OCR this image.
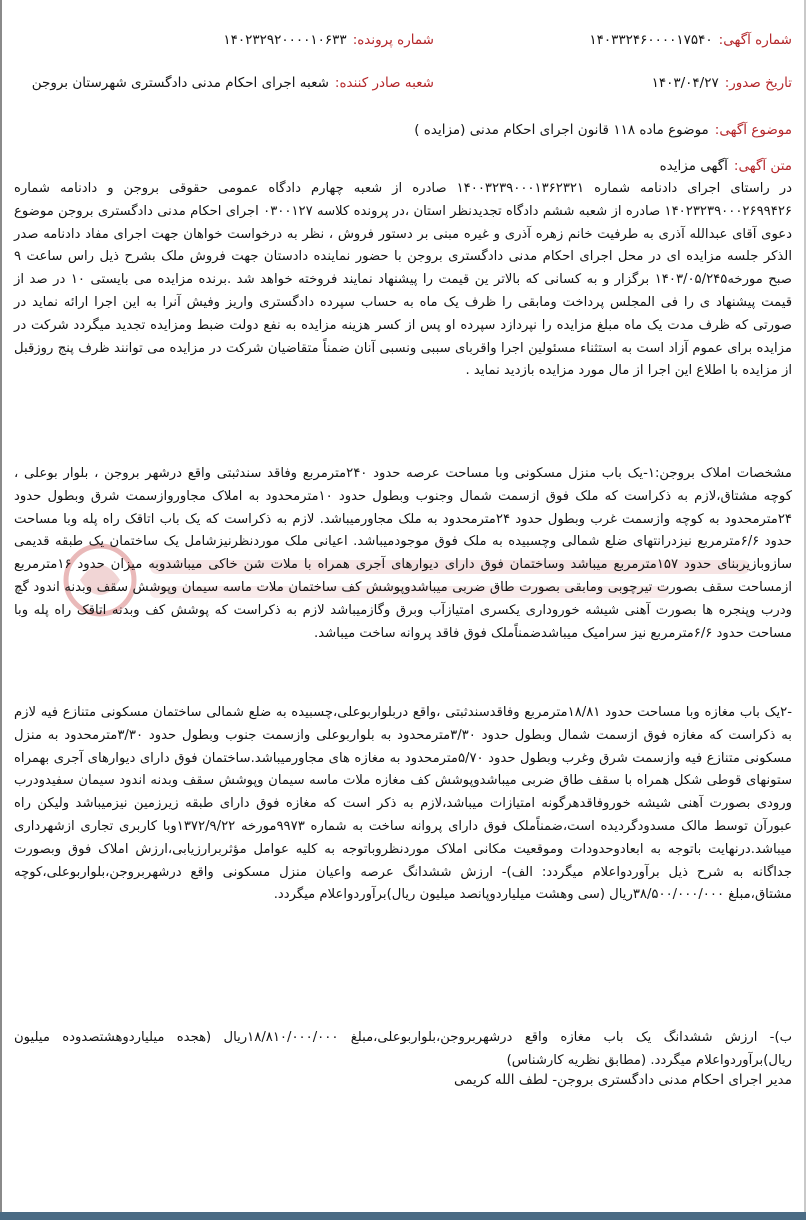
شماره آگهی:
۱۴۰۳۳۲۴۶۰۰۰۰۱۷۵۴۰
شماره پرونده:
۱۴۰۲۳۲۹۲۰۰۰۰۱۰۶۳۳
تاریخ صدور:
۱۴۰۳/۰۴/۲۷
شعبه صادر کننده:
شعبه اجرای احکام مدنی دادگستری شهرستان بروجن
موضوع آگهی:
موضوع ماده ۱۱۸ قانون اجرای احکام مدنی (مزایده )
متن آگهی:
آگهی مزایده

در راستای اجرای دادنامه شماره ۱۴۰۰۳۲۳۹۰۰۰۱۳۶۲۳۲۱ صادره از شعبه چهارم دادگاه عمومی حقوقی بروجن و دادنامه شماره ۱۴۰۲۳۲۳۹۰۰۰۲۶۹۹۴۲۶ صادره از شعبه ششم دادگاه تجدیدنظر استان ،در پرونده کلاسه ۰۳۰۰۱۲۷ اجرای احکام مدنی دادگستری بروجن موضوع دعوی آقای عبدالله آذری به طرفیت خانم زهره آذری و غیره مبنی بر دستور فروش ، نظر به درخواست خواهان جهت اجرای مفاد دادنامه صدر الذکر جلسه مزایده ای در محل اجرای احکام مدنی دادگستری بروجن با حضور نماینده دادستان جهت فروش ملک بشرح ذیل راس ساعت ۹ صبح مورخه۱۴۰۳/۰۵/۲۴۵ برگزار و به کسانی که بالاتر ین قیمت را پیشنهاد نمایند فروخته خواهد شد .برنده مزایده می بایستی ۱۰ در صد از قیمت پیشنهاد ی را فی المجلس پرداخت ومابقی را ظرف یک ماه به حساب سپرده دادگستری واریز وفیش آنرا به این اجرا ارائه نماید در صورتی که ظرف مدت یک ماه مبلغ مزایده را نپردازد سپرده او پس از کسر هزینه مزایده به نفع دولت ضبط ومزایده تجدید میگردد شرکت در مزایده برای عموم آزاد است به استثناء مسئولین اجرا واقربای سببی ونسبی آنان ضمناً متقاضیان شرکت در مزایده می توانند ظرف پنج روزقبل از مزایده با اطلاع این اجرا از مال مورد مزایده بازدید نماید .

مشخصات املاک بروجن:۱-یک باب منزل مسکونی وبا مساحت عرصه حدود ۲۴۰مترمربع وفاقد سندثبتی واقع درشهر بروجن ، بلوار بوعلی ، کوچه مشتاق،لازم به ذکراست که ملک فوق ازسمت شمال وجنوب وبطول حدود ۱۰مترمحدود به املاک مجاوروازسمت شرق وبطول حدود ۲۴مترمحدود به کوچه وازسمت غرب وبطول حدود ۲۴مترمحدود به ملک مجاورمیباشد. لازم به ذکراست که یک باب اتاقک راه پله وبا مساحت حدود ۶/۶مترمربع نیزدرانتهای ضلع شمالی وچسبیده به ملک فوق موجودمیباشد. اعیانی ملک موردنظرنیزشامل یک ساختمان یک طبقه قدیمی سازوبازیربنای حدود ۱۵۷مترمربع میباشد وساختمان فوق دارای دیوارهای آجری همراه با ملات شن خاکی میباشدوبه میزان حدود ۱۶مترمربع ازمساحت سقف بصورت تیرچوبی ومابقی بصورت طاق ضربی میباشدوپوشش کف ساختمان ملات ماسه سیمان وپوشش سقف وبدنه اندود گچ ودرب وپنجره ها بصورت آهنی شیشه خوروداری یکسری امتیازآب وبرق وگازمیباشد لازم به ذکراست که پوشش کف وبدنه اتاقک راه پله وبا مساحت حدود ۶/۶مترمربع نیز سرامیک میباشدضمناًملک فوق فاقد پروانه ساخت میباشد.

-۲یک باب مغازه وبا مساحت حدود ۱۸/۸۱مترمربع وفاقدسندثبتی ،واقع دربلواربوعلی،چسبیده به ضلع شمالی ساختمان مسکونی متنازع فیه لازم به ذکراست که مغازه فوق ازسمت شمال وبطول حدود ۳/۳۰مترمحدود به بلواربوعلی وازسمت جنوب وبطول حدود ۳/۳۰مترمحدود به منزل مسکونی متنازع فیه وازسمت شرق وغرب وبطول حدود ۵/۷۰مترمحدود به مغازه های مجاورمیباشد.ساختمان فوق دارای دیوارهای آجری بهمراه ستونهای قوطی شکل همراه با سقف طاق ضربی میباشدوپوشش کف مغازه ملات ماسه سیمان وپوشش سقف وبدنه اندود سیمان سفیدودرب ورودی بصورت آهنی شیشه خوروفاقدهرگونه امتیازات میباشد،لازم به ذکر است که مغازه فوق دارای طبقه زیرزمین نیزمیباشد ولیکن راه عبورآن توسط مالک مسدودگردیده است،ضمناًملک فوق دارای پروانه ساخت به شماره ۹۹۷۳مورخه ۱۳۷۲/۹/۲۲وبا کاربری تجاری ازشهرداری میباشد.درنهایت باتوجه به ابعادوحدودات وموقعیت مکانی املاک موردنظروباتوجه به کلیه عوامل مؤثربرارزیابی،ارزش املاک فوق وبصورت جداگانه به شرح ذیل برآوردواعلام میگردد: الف)- ارزش ششدانگ عرصه واعیان منزل مسکونی واقع درشهربروجن،بلواربوعلی،کوچه مشتاق،مبلغ ۳۸/۵۰۰/۰۰۰/۰۰۰ریال (سی وهشت میلیاردوپانصد میلیون ریال)برآوردواعلام میگردد.

ب)- ارزش ششدانگ یک باب مغازه واقع درشهربروجن،بلواربوعلی،مبلغ ۱۸/۸۱۰/۰۰۰/۰۰۰ریال (هجده میلیاردوهشتصدوده میلیون ریال)برآوردواعلام میگردد. (مطابق نظریه کارشناس)

مدیر اجرای احکام مدنی دادگستری بروجن- لطف الله کریمی
